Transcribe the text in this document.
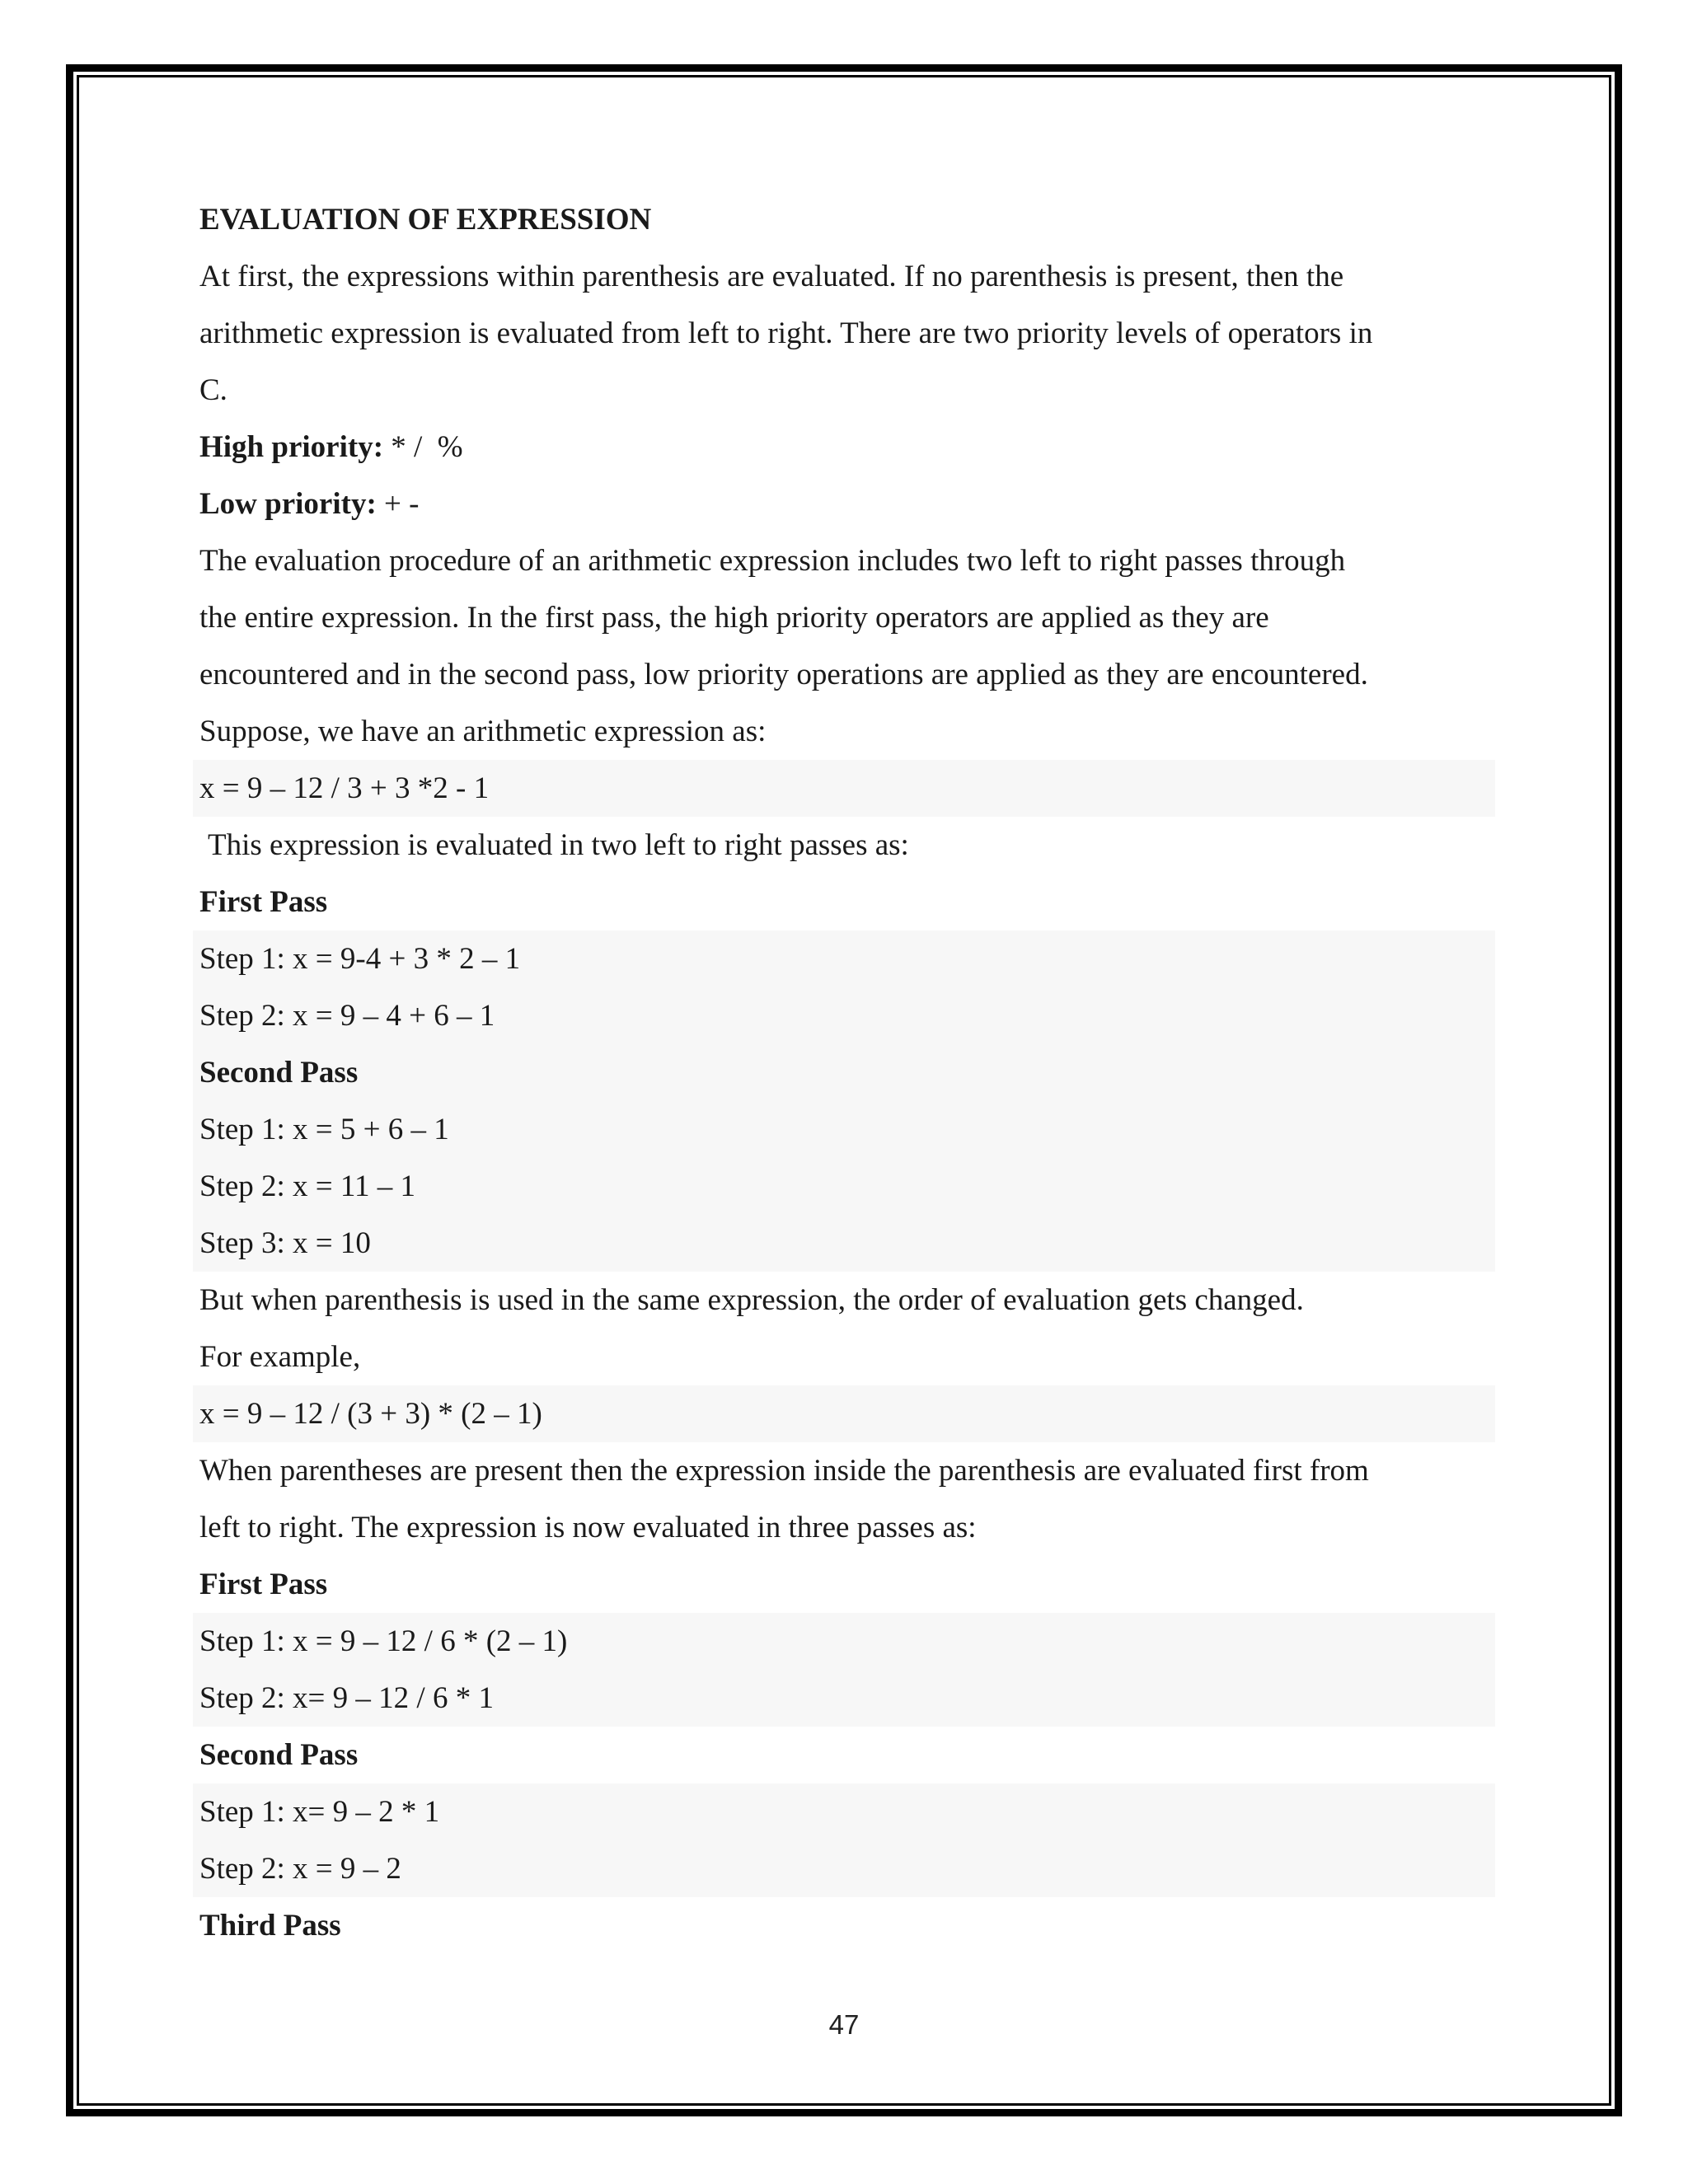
EVALUATION OF EXPRESSION
At first, the expressions within parenthesis are evaluated. If no parenthesis is present, then the
arithmetic expression is evaluated from left to right. There are two priority levels of operators in
C.
High priority: * /  %
Low priority: + -
The evaluation procedure of an arithmetic expression includes two left to right passes through
the entire expression. In the first pass, the high priority operators are applied as they are
encountered and in the second pass, low priority operations are applied as they are encountered.
Suppose, we have an arithmetic expression as:
x = 9 – 12 / 3 + 3 *2 - 1
This expression is evaluated in two left to right passes as:
First Pass
Step 1: x = 9-4 + 3 * 2 – 1
Step 2: x = 9 – 4 + 6 – 1
Second Pass
Step 1: x = 5 + 6 – 1
Step 2: x = 11 – 1
Step 3: x = 10
But when parenthesis is used in the same expression, the order of evaluation gets changed.
For example,
x = 9 – 12 / (3 + 3) * (2 – 1)
When parentheses are present then the expression inside the parenthesis are evaluated first from
left to right. The expression is now evaluated in three passes as:
First Pass
Step 1: x = 9 – 12 / 6 * (2 – 1)
Step 2: x= 9 – 12 / 6 * 1
Second Pass
Step 1: x= 9 – 2 * 1
Step 2: x = 9 – 2
Third Pass
47
